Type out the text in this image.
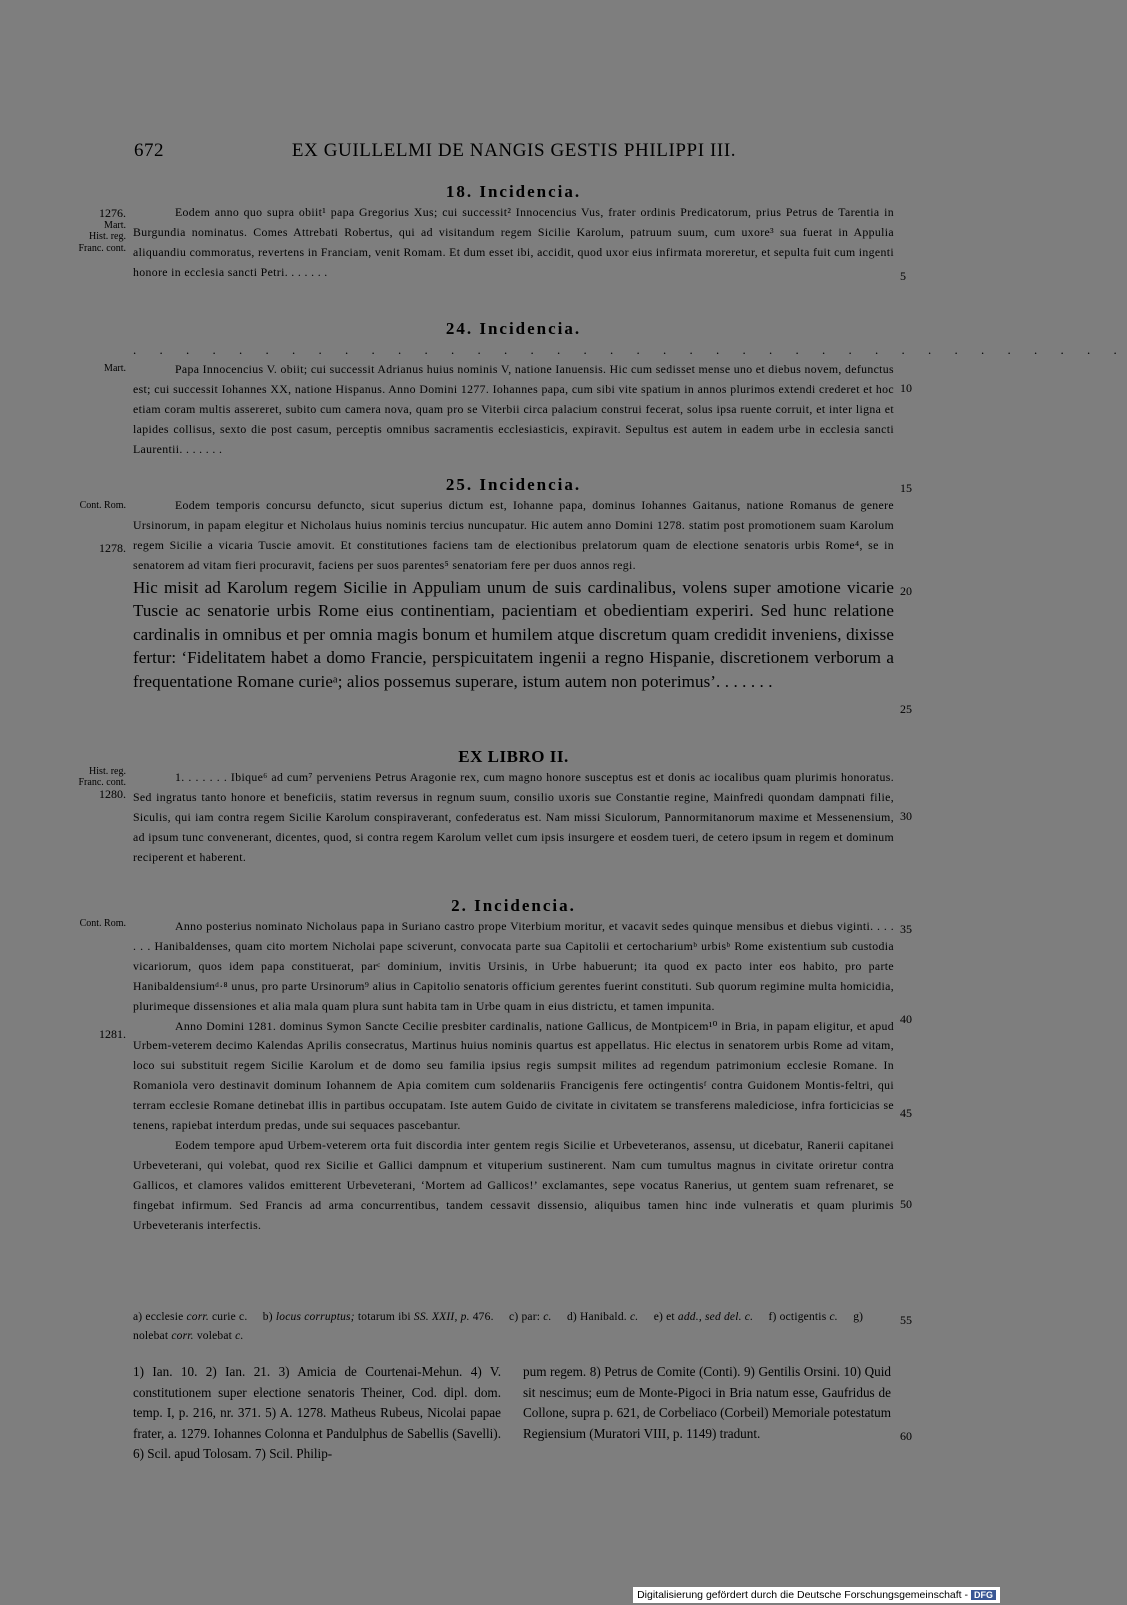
672	EX GUILLELMI DE NANGIS GESTIS PHILIPPI III.
1276.
Mart.
Hist. reg.
Franc. cont.
Mart.
Cont. Rom.
1278.
Hist. reg.
Franc. cont.
1280.
Cont. Rom.
1281.
5
10
15
20
25
30
35
40
45
50
55
60
18. Incidencia.

Eodem anno quo supra obiit¹ papa Gregorius Xus; cui successit² Innocencius Vus, frater ordinis Predicatorum, prius Petrus de Tarentia in Burgundia nominatus. Comes Attrebati Robertus, qui ad visitandum regem Sicilie Karolum, patruum suum, cum uxore³ sua fuerat in Appulia aliquandiu commoratus, revertens in Franciam, venit Romam. Et dum esset ibi, accidit, quod uxor eius infirmata moreretur, et sepulta fuit cum ingenti honore in ecclesia sancti Petri. . . . . . .

24. Incidencia.
. . . . . . . . . . . . . . . . . . . . . . . . . . . . . . . . . . . . . .

Papa Innocencius V. obiit; cui successit Adrianus huius nominis V, natione Ianuensis. Hic cum sedisset mense uno et diebus novem, defunctus est; cui successit Iohannes XX, natione Hispanus. Anno Domini 1277. Iohannes papa, cum sibi vite spatium in annos plurimos extendi crederet et hoc etiam coram multis assereret, subito cum camera nova, quam pro se Viterbii circa palacium construi fecerat, solus ipsa ruente corruit, et inter ligna et lapides collisus, sexto die post casum, perceptis omnibus sacramentis ecclesiasticis, expiravit. Sepultus est autem in eadem urbe in ecclesia sancti Laurentii. . . . . . .

25. Incidencia.

Eodem temporis concursu defuncto, sicut superius dictum est, Iohanne papa, dominus Iohannes Gaitanus, natione Romanus de genere Ursinorum, in papam elegitur et Nicholaus huius nominis tercius nuncupatur. Hic autem anno Domini 1278. statim post promotionem suam Karolum regem Sicilie a vicaria Tuscie amovit. Et constitutiones faciens tam de electionibus prelatorum quam de electione senatoris urbis Rome⁴, se in senatorem ad vitam fieri procuravit, faciens per suos parentes⁵ senatoriam fere per duos annos regi.

Hic misit ad Karolum regem Sicilie in Appuliam unum de suis cardinalibus, volens super amotione vicarie Tuscie ac senatorie urbis Rome eius continentiam, pacientiam et obedientiam experiri. Sed hunc relatione cardinalis in omnibus et per omnia magis bonum et humilem atque discretum quam credidit inveniens, dixisse fertur: ‘Fidelitatem habet a domo Francie, perspicuitatem ingenii a regno Hispanie, discretionem verborum a frequentatione Romane curieᵃ; alios possemus superare, istum autem non poterimus’. . . . . . .

EX LIBRO II.

1. . . . . . . Ibique⁶ ad cum⁷ perveniens Petrus Aragonie rex, cum magno honore susceptus est et donis ac iocalibus quam plurimis honoratus. Sed ingratus tanto honore et beneficiis, statim reversus in regnum suum, consilio uxoris sue Constantie regine, Mainfredi quondam dampnati filie, Siculis, qui iam contra regem Sicilie Karolum conspiraverant, confederatus est. Nam missi Siculorum, Pannormitanorum maxime et Messenensium, ad ipsum tunc convenerant, dicentes, quod, si contra regem Karolum vellet cum ipsis insurgere et eosdem tueri, de cetero ipsum in regem et dominum reciperent et haberent.

2. Incidencia.

Anno posterius nominato Nicholaus papa in Suriano castro prope Viterbium moritur, et vacavit sedes quinque mensibus et diebus viginti. . . . . . . Hanibaldenses, quam cito mortem Nicholai pape sciverunt, convocata parte sua Capitolii et certochariumᵇ urbisᵇ Rome existentium sub custodia vicariorum, quos idem papa constituerat, parᶜ dominium, invitis Ursinis, in Urbe habuerunt; ita quod ex pacto inter eos habito, pro parte Hanibaldensiumᵈ·⁸ unus, pro parte Ursinorum⁹ alius in Capitolio senatoris officium gerentes fuerint constituti. Sub quorum regimine multa homicidia, plurimeque dissensiones et alia mala quam plura sunt habita tam in Urbe quam in eius districtu, et tamen impunita.

Anno Domini 1281. dominus Symon Sancte Cecilie presbiter cardinalis, natione Gallicus, de Montpicem¹⁰ in Bria, in papam eligitur, et apud Urbem-veterem decimo Kalendas Aprilis consecratus, Martinus huius nominis quartus est appellatus. Hic electus in senatorem urbis Rome ad vitam, loco sui substituit regem Sicilie Karolum et de domo seu familia ipsius regis sumpsit milites ad regendum patrimonium ecclesie Romane. In Romaniola vero destinavit dominum Iohannem de Apia comitem cum soldenariis Francigenis fere octingentisᶠ contra Guidonem Montis-feltri, qui terram ecclesie Romane detinebat illis in partibus occupatam. Iste autem Guido de civitate in civitatem se transferens malediciose, infra forticicias se tenens, rapiebat interdum predas, unde sui sequaces pascebantur.

Eodem tempore apud Urbem-veterem orta fuit discordia inter gentem regis Sicilie et Urbeveteranos, assensu, ut dicebatur, Ranerii capitanei Urbeveterani, qui volebat, quod rex Sicilie et Gallici dampnum et vituperium sustinerent. Nam cum tumultus magnus in civitate oriretur contra Gallicos, et clamores validos emitterent Urbeveterani, ‘Mortem ad Gallicos!’ exclamantes, sepe vocatus Ranerius, ut gentem suam refrenaret, se fingebat infirmum. Sed Francis ad arma concurrentibus, tandem cessavit dissensio, aliquibus tamen hinc inde vulneratis et quam plurimis Urbeveteranis interfectis.

a) ecclesie corr. curie c. b) locus corruptus; totarum ibi SS. XXII, p. 476. c) par: c. d) Hanibald. c. e) et add., sed del. c. f) octigentis c. g) nolebat corr. volebat c.
1) Ian. 10. 2) Ian. 21. 3) Amicia de Courtenai-Mehun. 4) V. constitutionem super electione senatoris Theiner, Cod. dipl. dom. temp. I, p. 216, nr. 371. 5) A. 1278. Matheus Rubeus, Nicolai papae frater, a. 1279. Iohannes Colonna et Pandulphus de Sabellis (Savelli). 6) Scil. apud Tolosam. 7) Scil. Philip-
pum regem. 8) Petrus de Comite (Conti). 9) Gentilis Orsini. 10) Quid sit nescimus; eum de Monte-Pigoci in Bria natum esse, Gaufridus de Collone, supra p. 621, de Corbeliaco (Corbeil) Memoriale potestatum Regiensium (Muratori VIII, p. 1149) tradunt.
Digitalisierung gefördert durch die Deutsche Forschungsgemeinschaft - DFG
